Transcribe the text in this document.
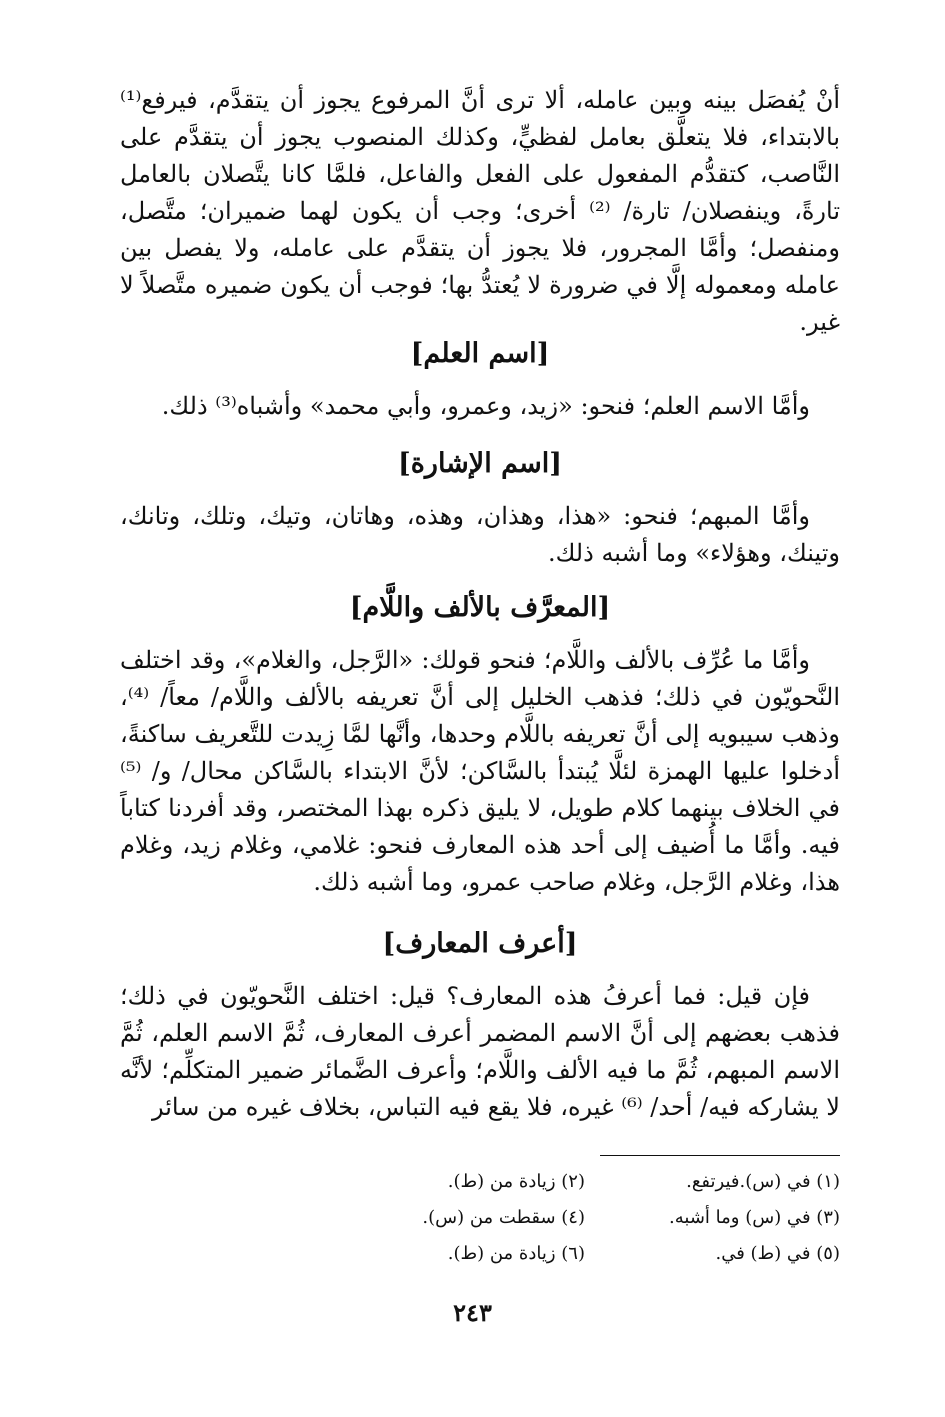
أنْ يُفصَل بينه وبين عامله، ألا ترى أنَّ المرفوع يجوز أن يتقدَّم، فيرفع⁽¹⁾ بالابتداء، فلا يتعلَّق بعامل لفظيٍّ، وكذلك المنصوب يجوز أن يتقدَّم على النَّاصب، كتقدُّم المفعول على الفعل والفاعل، فلمَّا كانا يتَّصلان بالعامل تارةً، وينفصلان/ تارة/ ⁽²⁾ أخرى؛ وجب أن يكون لهما ضميران؛ متَّصل، ومنفصل؛ وأمَّا المجرور، فلا يجوز أن يتقدَّم على عامله، ولا يفصل بين عامله ومعموله إلَّا في ضرورة لا يُعتدُّ بها؛ فوجب أن يكون ضميره متَّصلاً لا غير.

[اسم العلم]

وأمَّا الاسم العلم؛ فنحو: «زيد، وعمرو، وأبي محمد» وأشباه⁽³⁾ ذلك.

[اسم الإشارة]

وأمَّا المبهم؛ فنحو: «هذا، وهذان، وهذه، وهاتان، وتيك، وتلك، وتانك، وتينك، وهؤلاء» وما أشبه ذلك.

[المعرَّف بالألف واللَّام]

وأمَّا ما عُرِّف بالألف واللَّام؛ فنحو قولك: «الرَّجل، والغلام»، وقد اختلف النَّحويّون في ذلك؛ فذهب الخليل إلى أنَّ تعريفه بالألف واللَّام/ معاً/ ⁽⁴⁾، وذهب سيبويه إلى أنَّ تعريفه باللَّام وحدها، وأنَّها لمَّا زِيدت للتَّعريف ساكنةً، أدخلوا عليها الهمزة لئلَّا يُبتدأ بالسَّاكن؛ لأنَّ الابتداء بالسَّاكن محال/ و/ ⁽⁵⁾ في الخلاف بينهما كلام طويل، لا يليق ذكره بهذا المختصر، وقد أفردنا كتاباً فيه. وأمَّا ما أُضيف إلى أحد هذه المعارف فنحو: غلامي، وغلام زيد، وغلام هذا، وغلام الرَّجل، وغلام صاحب عمرو، وما أشبه ذلك.

[أعرف المعارف]

فإن قيل: فما أعرفُ هذه المعارف؟ قيل: اختلف النَّحويّون في ذلك؛ فذهب بعضهم إلى أنَّ الاسم المضمر أعرف المعارف، ثُمَّ الاسم العلم، ثُمَّ الاسم المبهم، ثُمَّ ما فيه الألف واللَّام؛ وأعرف الضَّمائر ضمير المتكلِّم؛ لأنَّه لا يشاركه فيه/ أحد/ ⁽⁶⁾ غيره، فلا يقع فيه التباس، بخلاف غيره من سائر

(١) في (س).فيرتفع.
(٢) زيادة من (ط).
(٣) في (س) وما أشبه.
(٤) سقطت من (س).
(٥) في (ط) في.
(٦) زيادة من (ط).
٢٤٣
